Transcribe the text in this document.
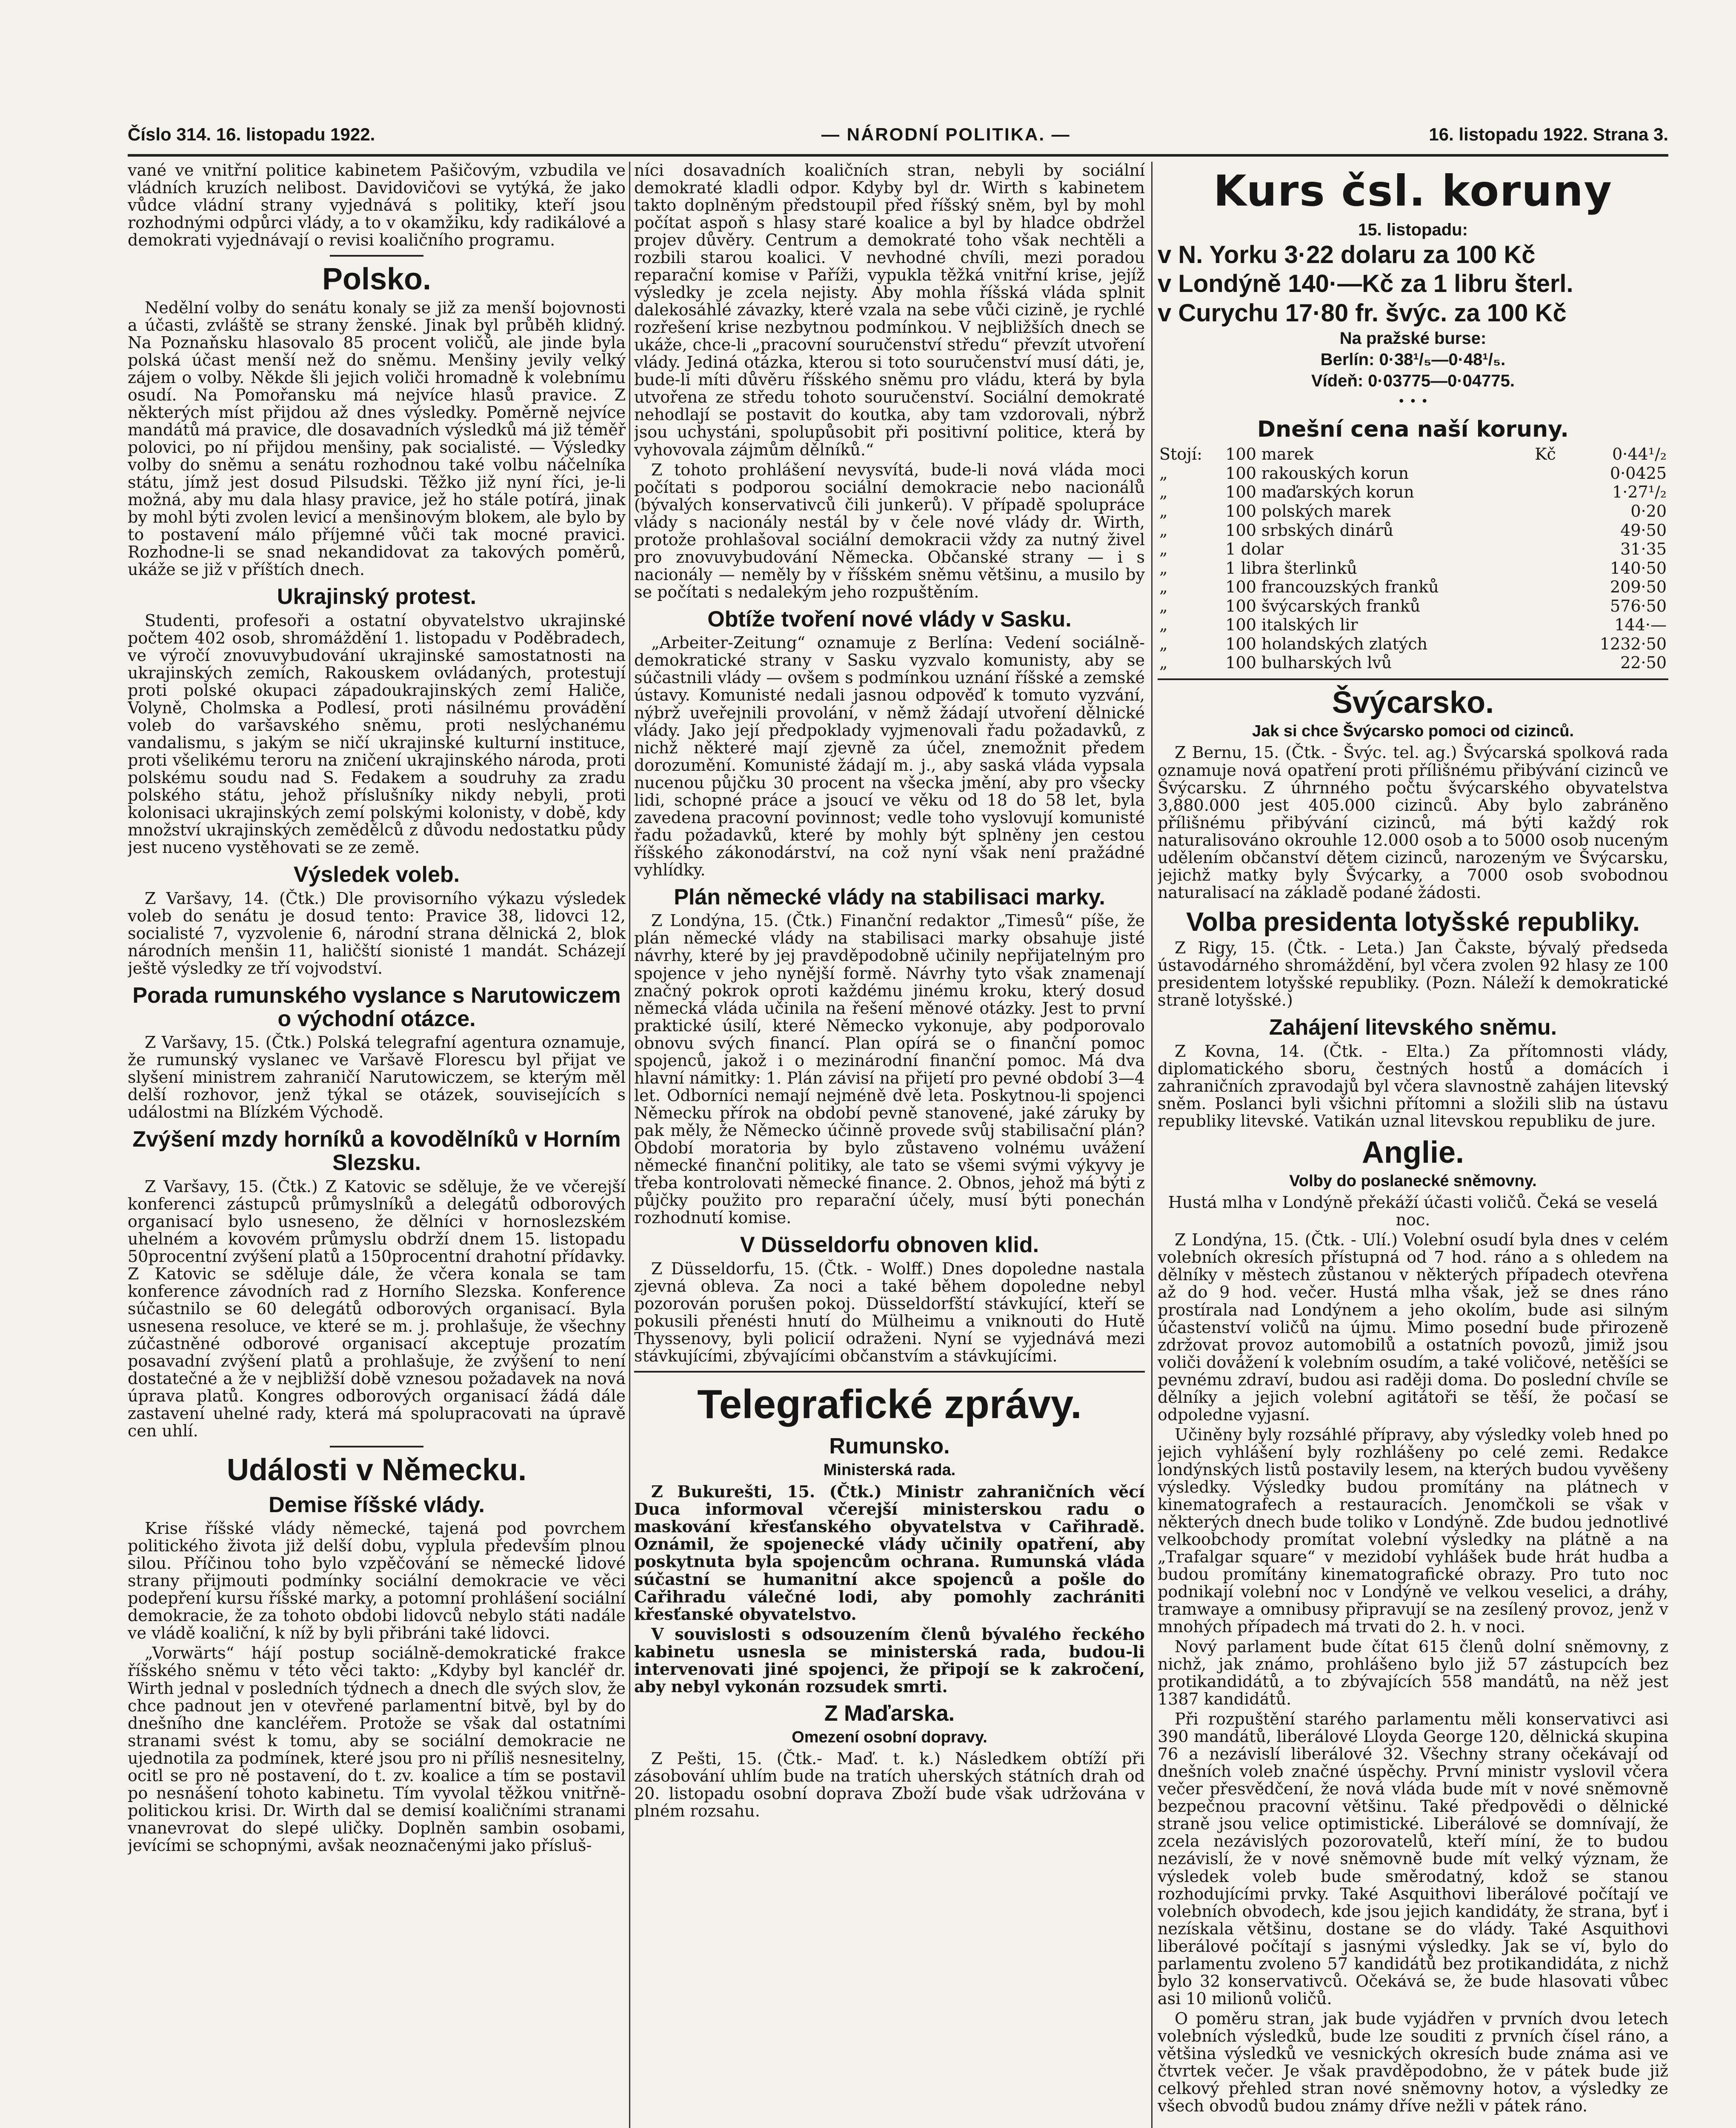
Číslo 314. 16. listopadu 1922.	— NÁRODNÍ POLITIKA. —	16. listopadu 1922. Strana 3.

vané ve vnitřní politice kabinetem Pašičovým, vzbudila ve vládních kruzích nelibost. Davidovičovi se vytýká, že jako vůdce vládní strany vyjednává s politiky, kteří jsou rozhodnými odpůrci vlády, a to v okamžiku, kdy radikálové a demokrati vyjednávají o revisi koaličního programu.

Polsko.

Nedělní volby do senátu konaly se již za menší bojovnosti a účasti, zvláště se strany ženské. Jinak byl průběh klidný. Na Poznaňsku hlasovalo 85 procent voličů, ale jinde byla polská účast menší než do sněmu. Menšiny jevily velký zájem o volby. Někde šli jejich voliči hromadně k volebnímu osudí. Na Pomořansku má nejvíce hlasů pravice. Z některých míst přijdou až dnes výsledky. Poměrně nejvíce mandátů má pravice, dle dosavadních výsledků má již téměř polovici, po ní přijdou menšiny, pak socialisté. — Výsledky volby do sněmu a senátu rozhodnou také volbu náčelníka státu, jímž jest dosud Pilsudski. Těžko již nyní říci, je-li možná, aby mu dala hlasy pravice, jež ho stále potírá, jinak by mohl býti zvolen levicí a menšinovým blokem, ale bylo by to postavení málo příjemné vůči tak mocné pravici. Rozhodne-li se snad nekandidovat za takových poměrů, ukáže se již v příštích dnech.

Ukrajinský protest.

Studenti, profesoři a ostatní obyvatelstvo ukrajinské počtem 402 osob, shromáždění 1. listopadu v Poděbradech, ve výročí znovuvybudování ukrajinské samostatnosti na ukrajinských zemích, Rakouskem ovládaných, protestují proti polské okupaci západoukrajinských zemí Haliče, Volyně, Cholmska a Podlesí, proti násilnému provádění voleb do varšavského sněmu, proti neslýchanému vandalismu, s jakým se ničí ukrajinské kulturní instituce, proti všelikému teroru na zničení ukrajinského národa, proti polskému soudu nad S. Fedakem a soudruhy za zradu polského státu, jehož příslušníky nikdy nebyli, proti kolonisaci ukrajinských zemí polskými kolonisty, v době, kdy množství ukrajinských zemědělců z důvodu nedostatku půdy jest nuceno vystěhovati se ze země.

Výsledek voleb.

Z Varšavy, 14. (Čtk.) Dle provisorního výkazu výsledek voleb do senátu je dosud tento: Pravice 38, lidovci 12, socialisté 7, vyzvolenie 6, národní strana dělnická 2, blok národních menšin 11, haličští sionisté 1 mandát. Scházejí ještě výsledky ze tří vojvodství.

Porada rumunského vyslance s Narutowiczem o východní otázce.

Z Varšavy, 15. (Čtk.) Polská telegrafní agentura oznamuje, že rumunský vyslanec ve Varšavě Florescu byl přijat ve slyšení ministrem zahraničí Narutowiczem, se kterým měl delší rozhovor, jenž týkal se otázek, souvisejících s událostmi na Blízkém Východě.

Zvýšení mzdy horníků a kovodělníků v Horním Slezsku.

Z Varšavy, 15. (Čtk.) Z Katovic se sděluje, že ve včerejší konferenci zástupců průmyslníků a delegátů odborových organisací bylo usneseno, že dělníci v hornoslezském uhelném a kovovém průmyslu obdrží dnem 15. listopadu 50procentní zvýšení platů a 150procentní drahotní přídavky. Z Katovic se sděluje dále, že včera konala se tam konference závodních rad z Horního Slezska. Konference súčastnilo se 60 delegátů odborových organisací. Byla usnesena resoluce, ve které se m. j. prohlašuje, že všechny zúčastněné odborové organisací akceptuje prozatím posavadní zvýšení platů a prohlašuje, že zvýšení to není dostatečné a že v nejbližší době vznesou požadavek na nová úprava platů. Kongres odborových organisací žádá dále zastavení uhelné rady, která má spolupracovati na úpravě cen uhlí.

Události v Německu.
Demise říšské vlády.

Krise říšské vlády německé, tajená pod povrchem politického života již delší dobu, vyplula především plnou silou. Příčinou toho bylo vzpěčování se německé lidové strany přijmouti podmínky sociální demokracie ve věci podepření kursu říšské marky, a potomní prohlášení sociální demokracie, že za tohoto obdobi lidovců nebylo státi nadále ve vládě koaliční, k níž by byli přibráni také lidovci.

„Vorwärts“ hájí postup sociálně-demokratické frakce říšského sněmu v této věci takto: „Kdyby byl kancléř dr. Wirth jednal v posledních týdnech a dnech dle svých slov, že chce padnout jen v otevřené parlamentní bitvě, byl by do dnešního dne kancléřem. Protože se však dal ostatními stranami svést k tomu, aby se sociální demokracie ne ujednotila za podmínek, které jsou pro ni příliš nesnesitelny, ocitl se pro ně postavení, do t. zv. koalice a tím se postavil po nesnášení tohoto kabinetu. Tím vyvolal těžkou vnitřně-politickou krisi. Dr. Wirth dal se demisí koaličními stranami vnanevrovat do slepé uličky. Doplněn sambin osobami, jevícími se schopnými, avšak neoznačenými jako přísluš-

níci dosavadních koaličních stran, nebyli by sociální demokraté kladli odpor. Kdyby byl dr. Wirth s kabinetem takto doplněným předstoupil před říšský sněm, byl by mohl počítat aspoň s hlasy staré koalice a byl by hladce obdržel projev důvěry. Centrum a demokraté toho však nechtěli a rozbili starou koalici. V nevhodné chvíli, mezi poradou reparační komise v Paříži, vypukla těžká vnitřní krise, jejíž výsledky je zcela nejisty. Aby mohla říšská vláda splnit dalekosáhlé závazky, které vzala na sebe vůči cizině, je rychlé rozřešení krise nezbytnou podmínkou. V nejbližších dnech se ukáže, chce-li „pracovní souručenství středu“ převzít utvoření vlády. Jediná otázka, kterou si toto souručenství musí dáti, je, bude-li míti důvěru říšského sněmu pro vládu, která by byla utvořena ze středu tohoto souručenství. Sociální demokraté nehodlají se postavit do koutka, aby tam vzdorovali, nýbrž jsou uchystáni, spolupůsobit při positivní politice, která by vyhovovala zájmům dělníků.“

Z tohoto prohlášení nevysvítá, bude-li nová vláda moci počítati s podporou sociální demokracie nebo nacionálů (bývalých konservativců čili junkerů). V případě spolupráce vlády s nacionály nestál by v čele nové vlády dr. Wirth, protože prohlašoval sociální demokracii vždy za nutný živel pro znovuvybudování Německa. Občanské strany — i s nacionály — neměly by v říšském sněmu většinu, a musilo by se počítati s nedalekým jeho rozpuštěním.

Obtíže tvoření nové vlády v Sasku.

„Arbeiter-Zeitung“ oznamuje z Berlína: Vedení sociálně-demokratické strany v Sasku vyzvalo komunisty, aby se súčastnili vlády — ovšem s podmínkou uznání říšské a zemské ústavy. Komunisté nedali jasnou odpověď k tomuto vyzvání, nýbrž uveřejnili provolání, v němž žádají utvoření dělnické vlády. Jako její předpoklady vyjmenovali řadu požadavků, z nichž některé mají zjevně za účel, znemožnit předem dorozumění. Komunisté žádají m. j., aby saská vláda vypsala nucenou půjčku 30 procent na všecka jmění, aby pro všecky lidi, schopné práce a jsoucí ve věku od 18 do 58 let, byla zavedena pracovní povinnost; vedle toho vyslovují komunisté řadu požadavků, které by mohly být splněny jen cestou říšského zákonodárství, na což nyní však není pražádné vyhlídky.

Plán německé vlády na stabilisaci marky.

Z Londýna, 15. (Čtk.) Finanční redaktor „Timesů“ píše, že plán německé vlády na stabilisaci marky obsahuje jisté návrhy, které by jej pravděpodobně učinily nepřijatelným pro spojence v jeho nynější formě. Návrhy tyto však znamenají značný pokrok oproti každému jinému kroku, který dosud německá vláda učinila na řešení měnové otázky. Jest to první praktické úsilí, které Německo vykonuje, aby podporovalo obnovu svých financí. Plan opírá se o finanční pomoc spojenců, jakož i o mezinárodní finanční pomoc. Má dva hlavní námitky: 1. Plán závisí na přijetí pro pevné období 3—4 let. Odborníci nemají nejméně dvě leta. Poskytnou-li spojenci Německu přírok na období pevně stanovené, jaké záruky by pak měly, že Německo účinně provede svůj stabilisační plán? Období moratoria by bylo zůstaveno volnému uvážení německé finanční politiky, ale tato se všemi svými výkyvy je třeba kontrolovati německé finance. 2. Obnos, jehož má býti z půjčky použito pro reparační účely, musí býti ponechán rozhodnutí komise.

V Düsseldorfu obnoven klid.

Z Düsseldorfu, 15. (Čtk. - Wolff.) Dnes dopoledne nastala zjevná obleva. Za noci a také během dopoledne nebyl pozorován porušen pokoj. Düsseldorfští stávkující, kteří se pokusili přenésti hnutí do Mülheimu a vniknouti do Hutě Thyssenovy, byli policií odraženi. Nyní se vyjednává mezi stávkujícími, zbývajícími občanstvím a stávkujícími.

Telegrafické zprávy.
Rumunsko.
Ministerská rada.

Z Bukurešti, 15. (Čtk.) Ministr zahraničních věcí Duca informoval včerejší ministerskou radu o maskování křesťanského obyvatelstva v Cařihradě. Oznámil, že spojenecké vlády učinily opatření, aby poskytnuta byla spojencům ochrana. Rumunská vláda súčastní se humanitní akce spojenců a pošle do Cařihradu válečné lodi, aby pomohly zachrániti křesťanské obyvatelstvo.

V souvislosti s odsouzením členů bývalého řeckého kabinetu usnesla se ministerská rada, budou-li intervenovati jiné spojenci, že připojí se k zakročení, aby nebyl vykonán rozsudek smrti.

Z Maďarska.
Omezení osobní dopravy.

Z Pešti, 15. (Čtk.- Maď. t. k.) Následkem obtíží při zásobování uhlím bude na tratích uherských státních drah od 20. listopadu osobní doprava Zboží bude však udržována v plném rozsahu.

Kurs čsl. koruny
15. listopadu:
v N. Yorku 3·22 dolaru za 100 Kč
v Londýně 140·—Kč za 1 libru šterl.
v Curychu 17·80 fr. švýc. za 100 Kč
Na pražské burse:
Berlín: 0·38¹/₅—0·48¹/₅.
Vídeň: 0·03775—0·04775.
• • •
Dnešní cena naší koruny.
Stojí:	100 marek	Kč	0·44¹/₂
„	100 rakouských korun		0·0425
„	100 maďarských korun		1·27¹/₂
„	100 polských marek		0·20
„	100 srbských dinárů		49·50
„	1 dolar		31·35
„	1 libra šterlinků		140·50
„	100 francouzských franků		209·50
„	100 švýcarských franků		576·50
„	100 italských lir		144·—
„	100 holandských zlatých		1232·50
„	100 bulharských lvů		22·50
Švýcarsko.
Jak si chce Švýcarsko pomoci od cizinců.

Z Bernu, 15. (Čtk. - Švýc. tel. ag.) Švýcarská spolková rada oznamuje nová opatření proti přílišnému přibývání cizinců ve Švýcarsku. Z úhrnného počtu švýcarského obyvatelstva 3,880.000 jest 405.000 cizinců. Aby bylo zabráněno přílišnému přibývání cizinců, má býti každý rok naturalisováno okrouhle 12.000 osob a to 5000 osob nuceným udělením občanství dětem cizinců, narozeným ve Švýcarsku, jejichž matky byly Švýcarky, a 7000 osob svobodnou naturalisací na základě podané žádosti.

Volba presidenta lotyšské republiky.

Z Rigy, 15. (Čtk. - Leta.) Jan Čakste, bývalý předseda ústavodárného shromáždění, byl včera zvolen 92 hlasy ze 100 presidentem lotyšské republiky. (Pozn. Náleží k demokratické straně lotyšské.)

Zahájení litevského sněmu.

Z Kovna, 14. (Čtk. - Elta.) Za přítomnosti vlády, diplomatického sboru, čestných hostů a domácích i zahraničních zpravodajů byl včera slavnostně zahájen litevský sněm. Poslanci byli všichni přítomni a složili slib na ústavu republiky litevské. Vatikán uznal litevskou republiku de jure.

Anglie.
Volby do poslanecké sněmovny.

Hustá mlha v Londýně překáží účasti voličů. Čeká se veselá noc.

Z Londýna, 15. (Čtk. - Ulí.) Volební osudí byla dnes v celém volebních okresích přístupná od 7 hod. ráno a s ohledem na dělníky v městech zůstanou v některých případech otevřena až do 9 hod. večer. Hustá mlha však, jež se dnes ráno prostírala nad Londýnem a jeho okolím, bude asi silným účastenství voličů na újmu. Mimo posední bude přirozeně zdržovat provoz automobilů a ostatních povozů, jimiž jsou voliči dovážení k volebním osudím, a také voličové, netěšíci se pevnému zdraví, budou asi raději doma. Do poslední chvíle se dělníky a jejich volební agitátoři se těší, že počasí se odpoledne vyjasní.

Učiněny byly rozsáhlé přípravy, aby výsledky voleb hned po jejich vyhlášení byly rozhlášeny po celé zemi. Redakce londýnských listů postavily lesem, na kterých budou vyvěšeny výsledky. Výsledky budou promítány na plátnech v kinematografech a restauracích. Jenomčkoli se však v některých dnech bude toliko v Londýně. Zde budou jednotlivé velkoobchody promítat volební výsledky na plátně a na „Trafalgar square“ v mezidobí vyhlášek bude hrát hudba a budou promítány kinematografické obrazy. Pro tuto noc podnikají volební noc v Londýně ve velkou veselici, a dráhy, tramwaye a omnibusy připravují se na zesílený provoz, jenž v mnohých případech má trvati do 2. h. v noci.

Nový parlament bude čítat 615 členů dolní sněmovny, z nichž, jak známo, prohlášeno bylo již 57 zástupcích bez protikandidátů, a to zbývajících 558 mandátů, na něž jest 1387 kandidátů.

Při rozpuštění starého parlamentu měli konservativci asi 390 mandátů, liberálové Lloyda George 120, dělnická skupina 76 a nezávislí liberálové 32. Všechny strany očekávají od dnešních voleb značné úspěchy. První ministr vyslovil včera večer přesvědčení, že nová vláda bude mít v nové sněmovně bezpečnou pracovní většinu. Také předpovědi o dělnické straně jsou velice optimistické. Liberálové se domnívají, že zcela nezávislých pozorovatelů, kteří míní, že to budou nezávislí, že v nové sněmovně bude mít velký význam, že výsledek voleb bude směrodatný, kdož se stanou rozhodujícími prvky. Také Asquithovi liberálové počítají ve volebních obvodech, kde jsou jejich kandidáty, že strana, byť i nezískala většinu, dostane se do vlády. Také Asquithovi liberálové počítají s jasnými výsledky. Jak se ví, bylo do parlamentu zvoleno 57 kandidátů bez protikandidáta, z nichž bylo 32 konservativců. Očekává se, že bude hlasovati vůbec asi 10 milionů voličů.

O poměru stran, jak bude vyjádřen v prvních dvou letech volebních výsledků, bude lze souditi z prvních čísel ráno, a většina výsledků ve vesnických okresích bude známa asi ve čtvrtek večer. Je však pravděpodobno, že v pátek bude již celkový přehled stran nové sněmovny hotov, a výsledky ze všech obvodů budou známy dříve nežli v pátek ráno.
